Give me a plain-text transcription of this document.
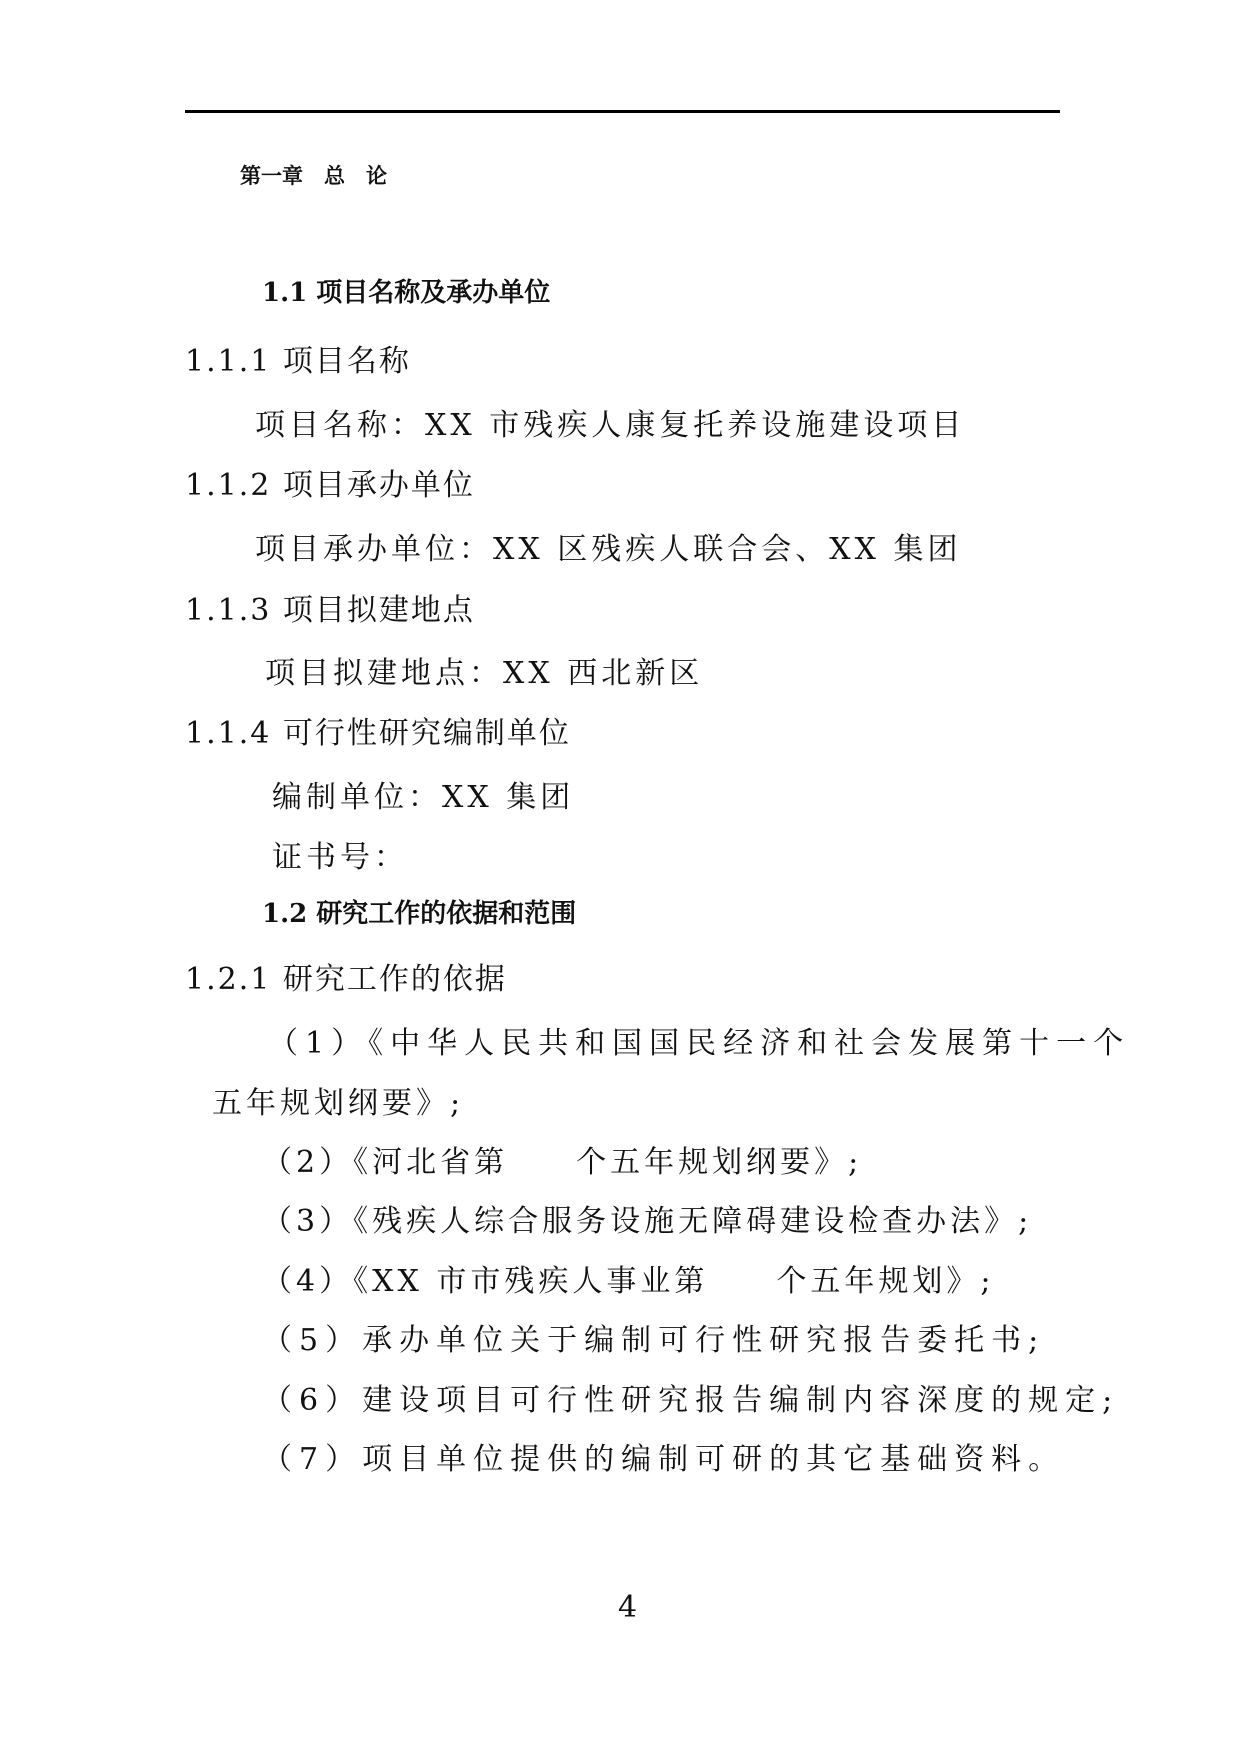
第一章　总　论
1.1 项目名称及承办单位
1.1.1 项目名称
项目名称：XX 市残疾人康复托养设施建设项目
1.1.2 项目承办单位
项目承办单位：XX 区残疾人联合会、XX 集团
1.1.3 项目拟建地点
项目拟建地点：XX 西北新区
1.1.4 可行性研究编制单位
编制单位：XX 集团
证书号：
1.2 研究工作的依据和范围
1.2.1 研究工作的依据
（1）《中华人民共和国国民经济和社会发展第十一个
五年规划纲要》;
（2）《河北省第　　个五年规划纲要》;
（3）《残疾人综合服务设施无障碍建设检查办法》;
（4）《XX 市市残疾人事业第　　个五年规划》;
（5）承办单位关于编制可行性研究报告委托书;
（6）建设项目可行性研究报告编制内容深度的规定;
（7）项目单位提供的编制可研的其它基础资料。
4
